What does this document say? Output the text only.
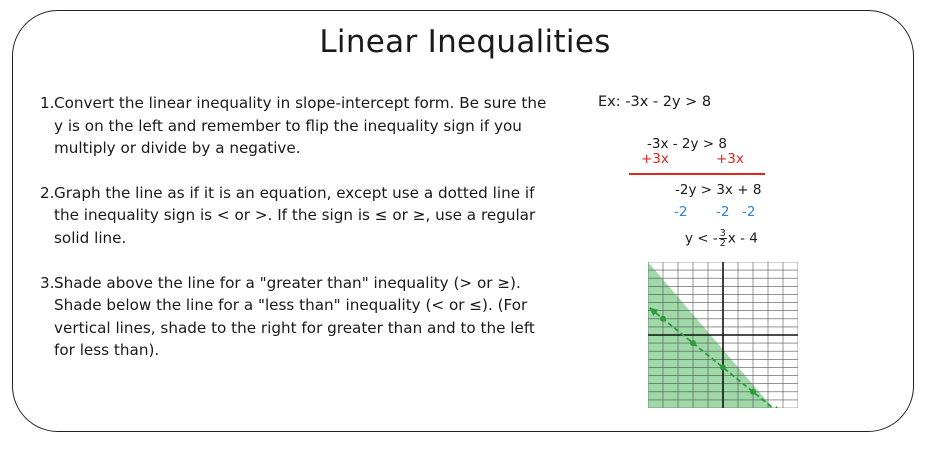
Linear Inequalities
1. Convert the linear inequality in slope-intercept form. Be sure the y is on the left and remember to flip the inequality sign if you multiply or divide by a negative.

2. Graph the line as if it is an equation, except use a dotted line if the inequality sign is < or >. If the sign is ≤ or ≥, use a regular solid line.

3. Shade above the line for a "greater than" inequality (> or ≥). Shade below the line for a "less than" inequality (< or ≤). (For vertical lines, shade to the right for greater than and to the left for less than).

Ex: -3x - 2y > 8
-3x - 2y > 8
+3x	+3x
-2y > 3x + 8
-2 -2 -2
y < - $\frac{3}{2}$ x - 4
